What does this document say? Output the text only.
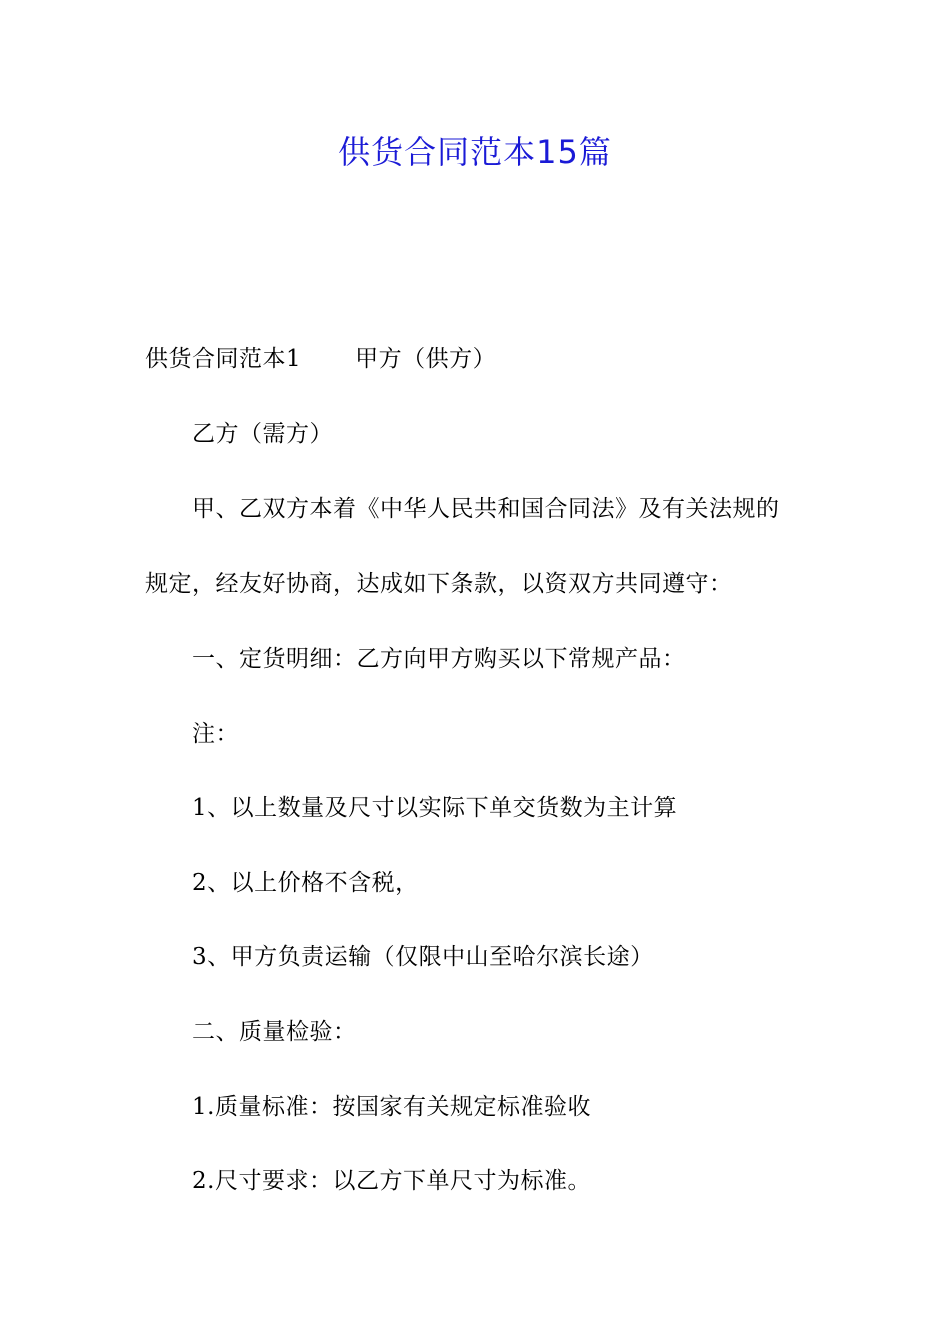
供货合同范本15篇
供货合同范本1 甲方（供方）
乙方（需方）
甲、乙双方本着《中华人民共和国合同法》及有关法规的
规定，经友好协商，达成如下条款，以资双方共同遵守：
一、定货明细：乙方向甲方购买以下常规产品：
注：
1、以上数量及尺寸以实际下单交货数为主计算
2、以上价格不含税，
3、甲方负责运输（仅限中山至哈尔滨长途）
二、质量检验：
1.质量标准：按国家有关规定标准验收
2.尺寸要求：以乙方下单尺寸为标准。
